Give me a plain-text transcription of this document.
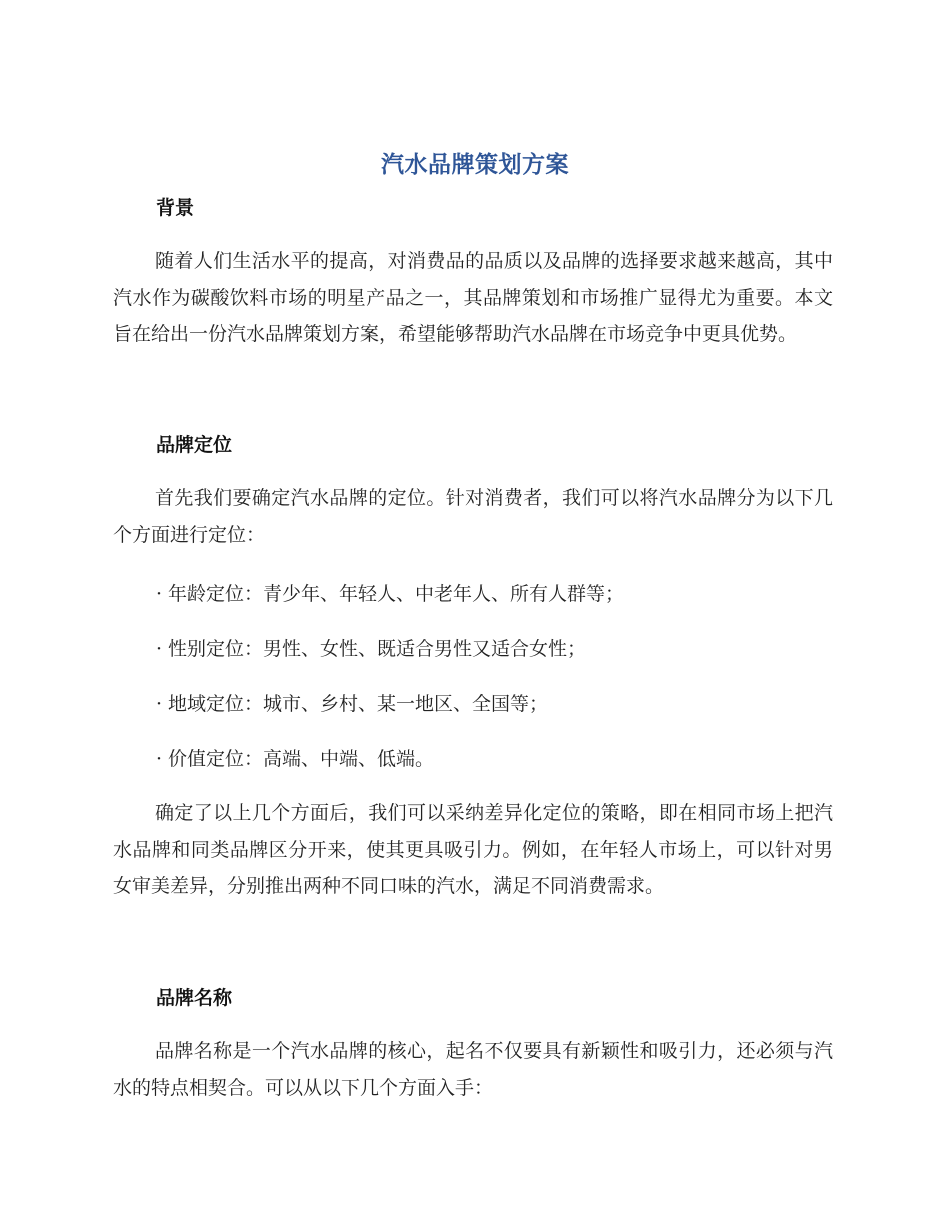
汽水品牌策划方案
背景
随着人们生活水平的提高，对消费品的品质以及品牌的选择要求越来越高，其中汽水作为碳酸饮料市场的明星产品之一，其品牌策划和市场推广显得尤为重要。本文旨在给出一份汽水品牌策划方案，希望能够帮助汽水品牌在市场竞争中更具优势。
品牌定位
首先我们要确定汽水品牌的定位。针对消费者，我们可以将汽水品牌分为以下几个方面进行定位：
· 年龄定位：青少年、年轻人、中老年人、所有人群等；
· 性别定位：男性、女性、既适合男性又适合女性；
· 地域定位：城市、乡村、某一地区、全国等；
· 价值定位：高端、中端、低端。
确定了以上几个方面后，我们可以采纳差异化定位的策略，即在相同市场上把汽水品牌和同类品牌区分开来，使其更具吸引力。例如，在年轻人市场上，可以针对男女审美差异，分别推出两种不同口味的汽水，满足不同消费需求。
品牌名称
品牌名称是一个汽水品牌的核心，起名不仅要具有新颖性和吸引力，还必须与汽水的特点相契合。可以从以下几个方面入手：
